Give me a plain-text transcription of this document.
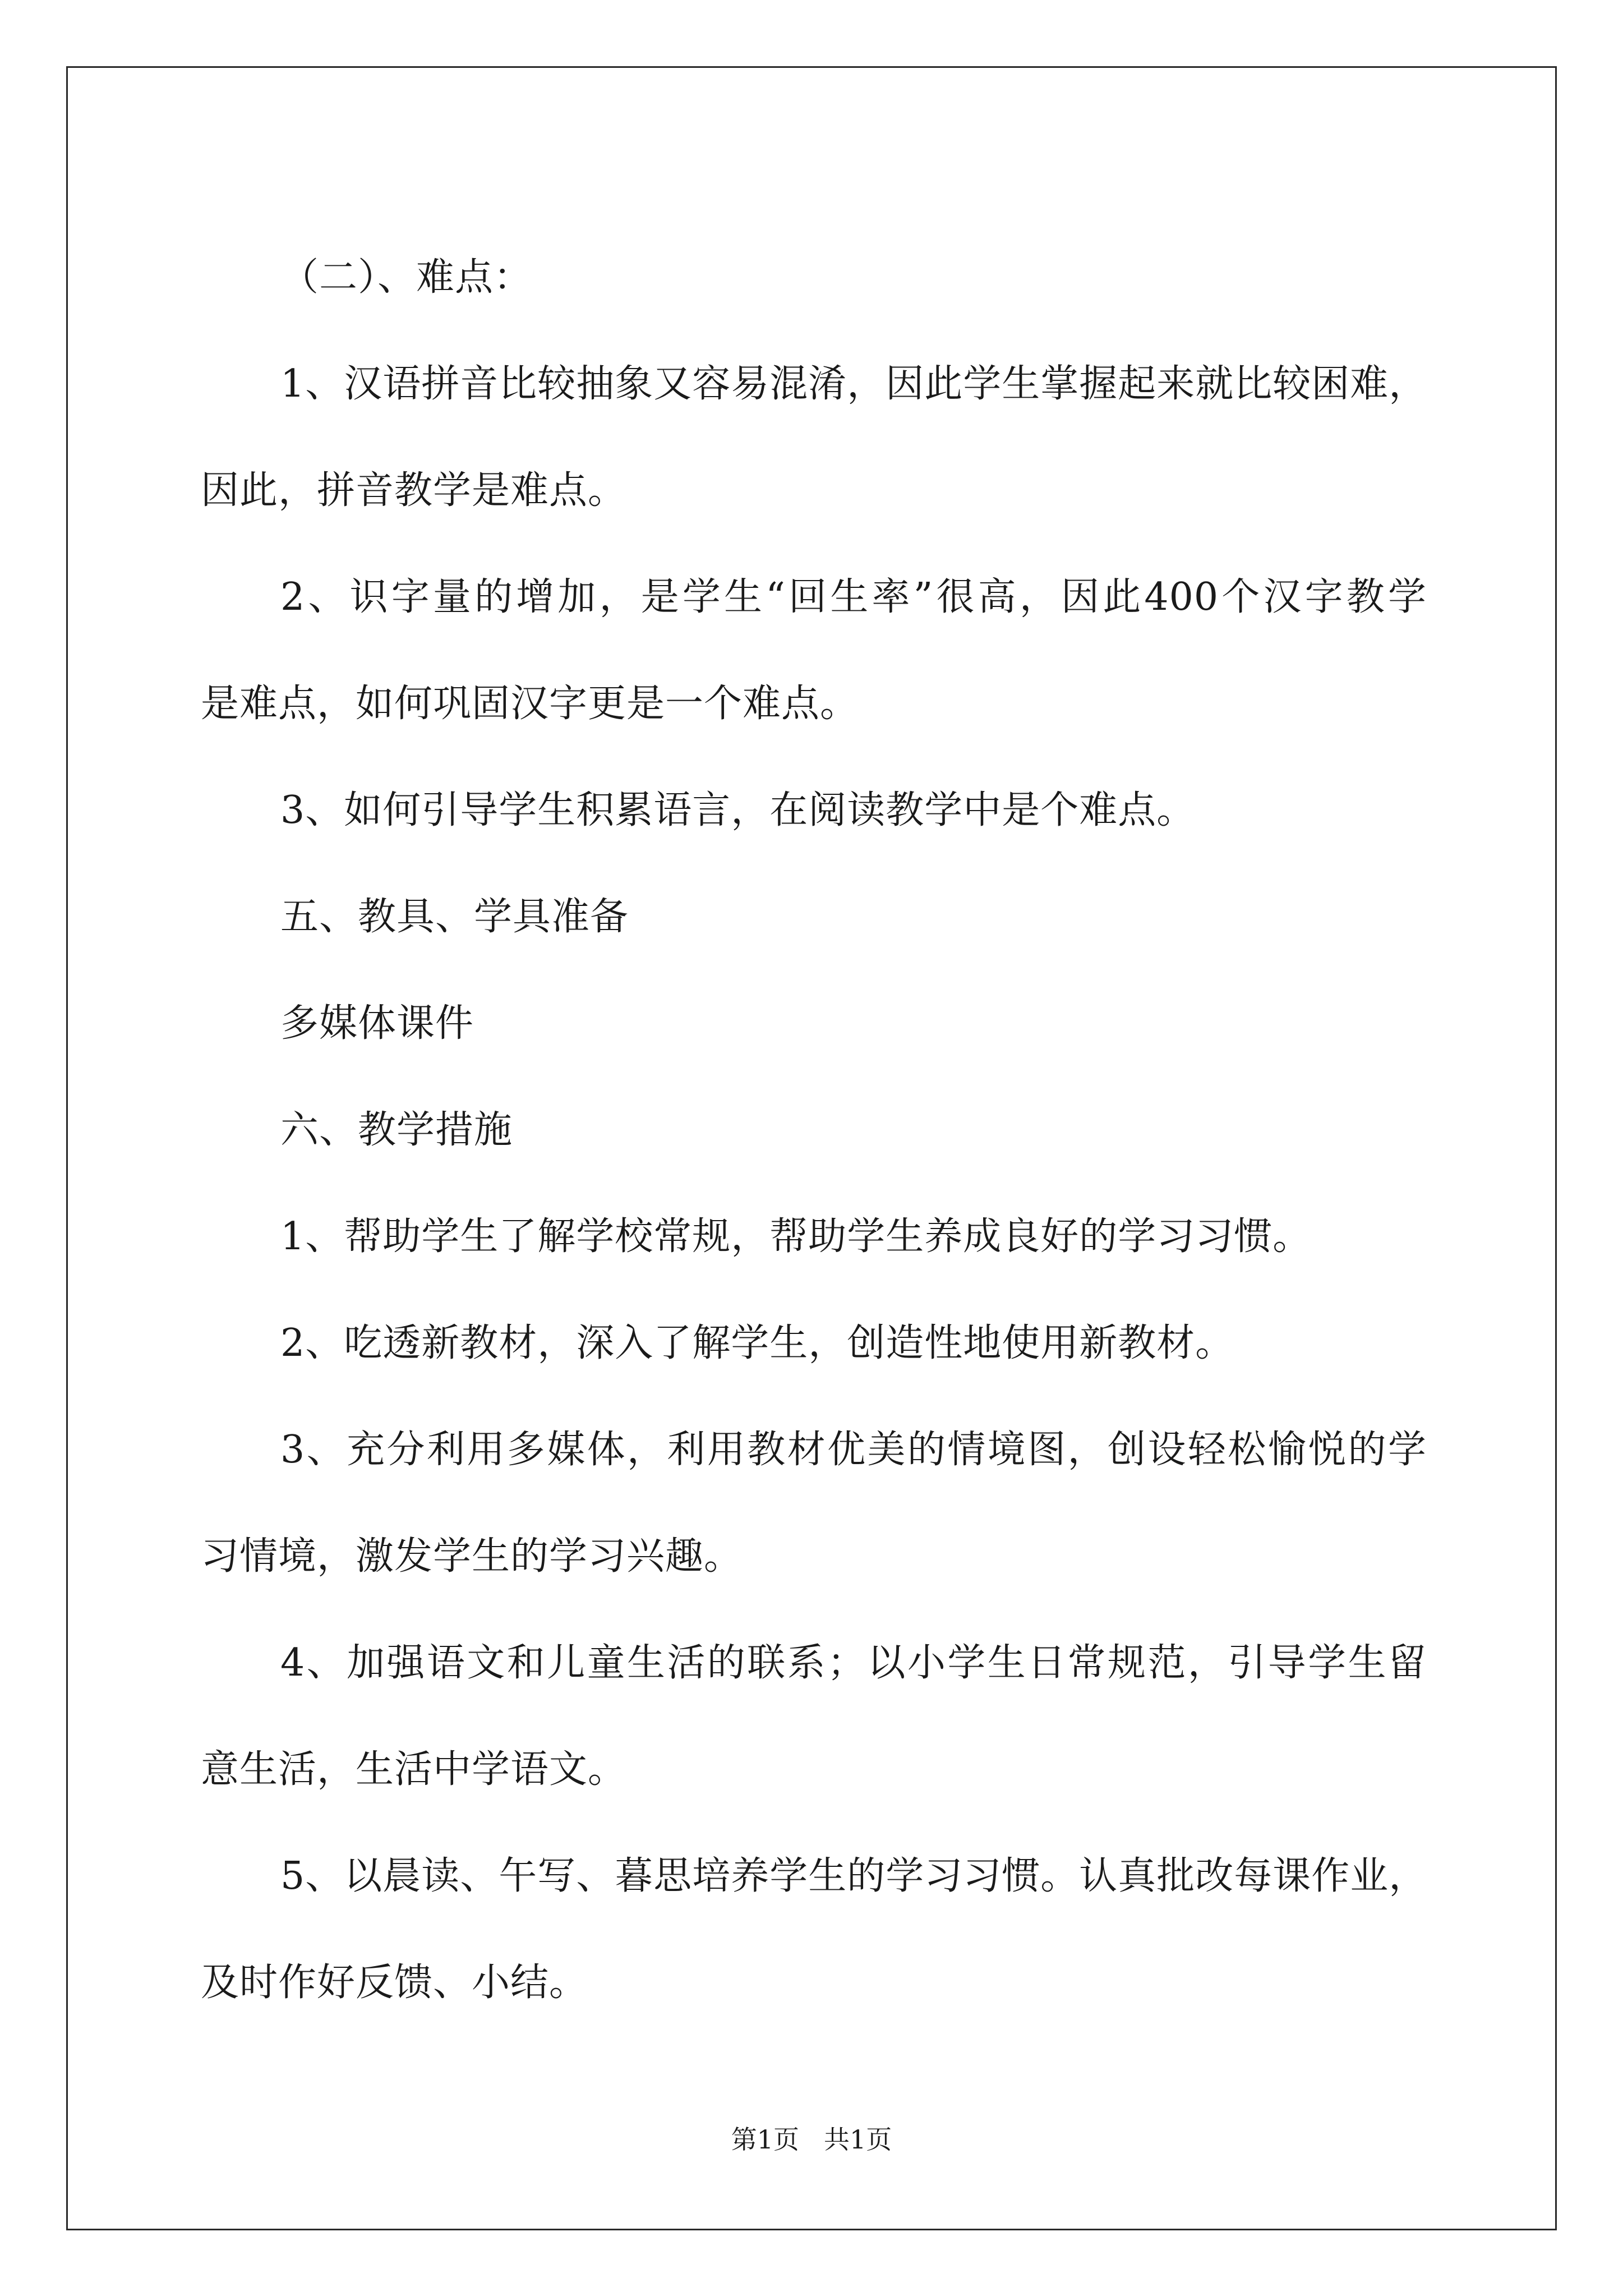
（二）、难点：
1、汉语拼音比较抽象又容易混淆，因此学生掌握起来就比较困难，
因此，拼音教学是难点。
2、识字量的增加，是学生“回生率”很高，因此400个汉字教学
是难点，如何巩固汉字更是一个难点。
3、如何引导学生积累语言，在阅读教学中是个难点。
五、教具、学具准备
多媒体课件
六、教学措施
1、帮助学生了解学校常规，帮助学生养成良好的学习习惯。
2、吃透新教材，深入了解学生，创造性地使用新教材。
3、充分利用多媒体，利用教材优美的情境图，创设轻松愉悦的学
习情境，激发学生的学习兴趣。
4、加强语文和儿童生活的联系；以小学生日常规范，引导学生留
意生活，生活中学语文。
5、以晨读、午写、暮思培养学生的学习习惯。认真批改每课作业，
及时作好反馈、小结。
第1页 共1页
